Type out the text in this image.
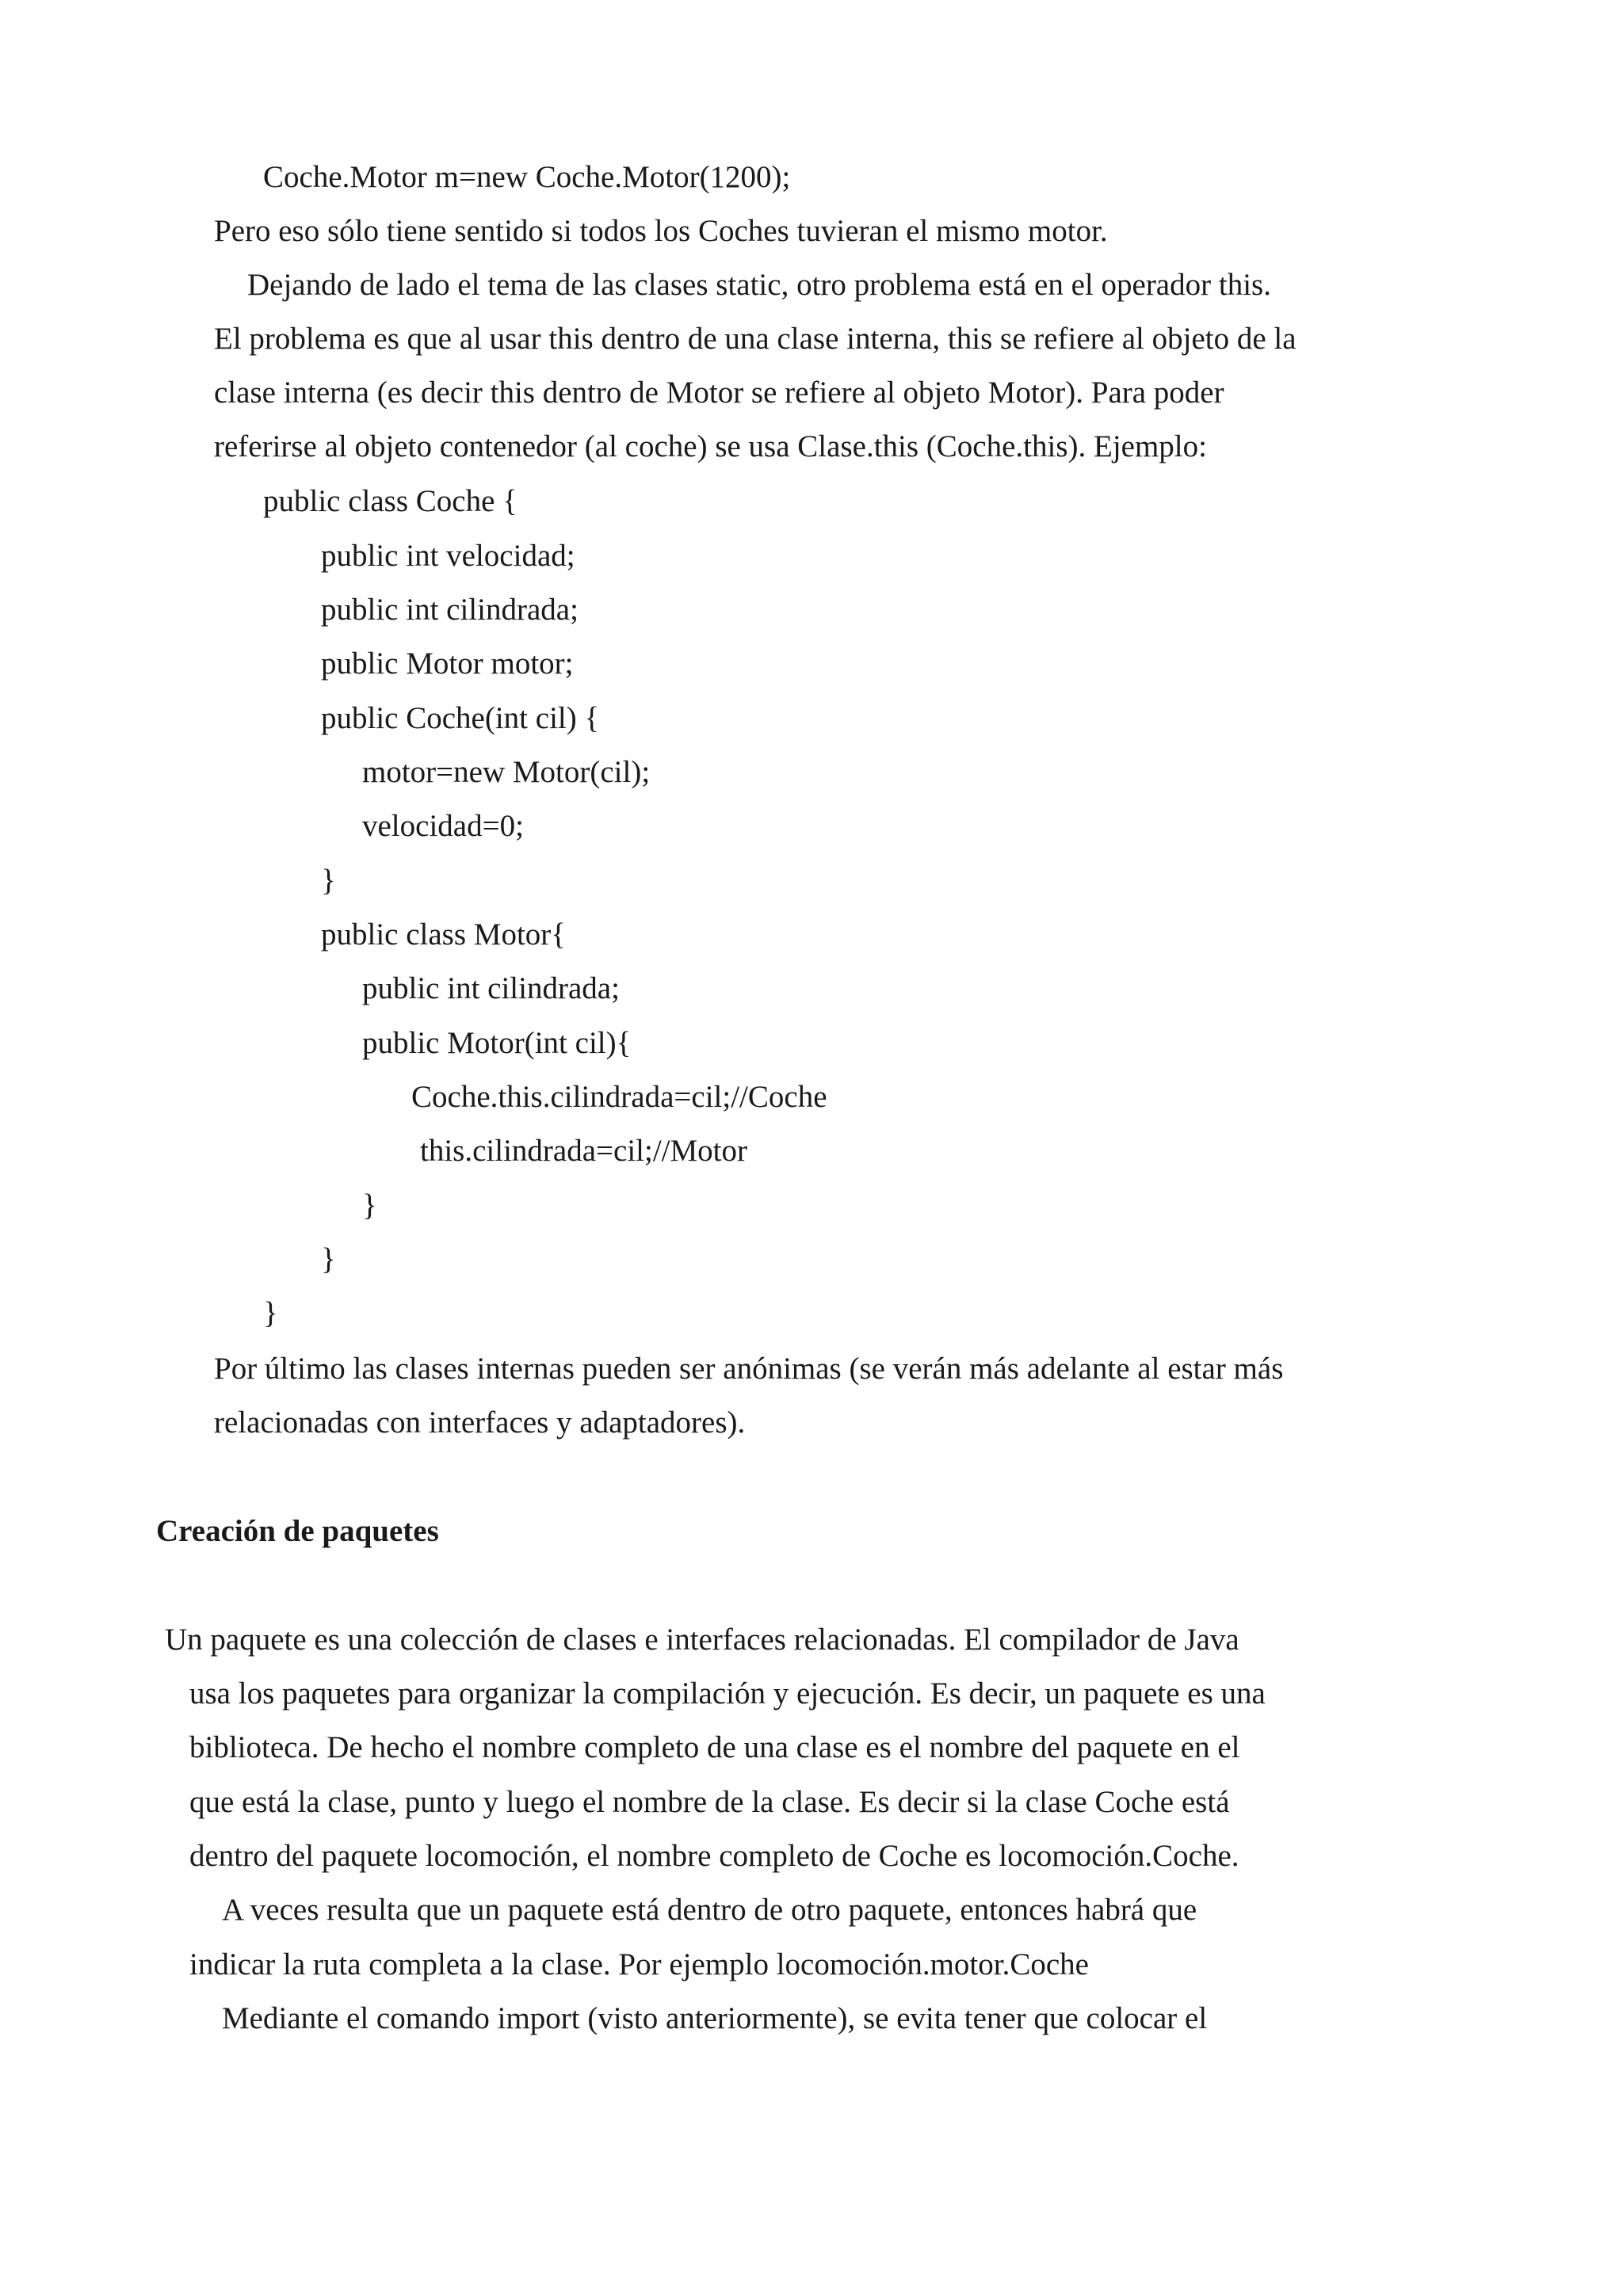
Coche.Motor m=new Coche.Motor(1200);
Pero eso sólo tiene sentido si todos los Coches tuvieran el mismo motor.
Dejando de lado el tema de las clases static, otro problema está en el operador this.
El problema es que al usar this dentro de una clase interna, this se refiere al objeto de la
clase interna (es decir this dentro de Motor se refiere al objeto Motor). Para poder
referirse al objeto contenedor (al coche) se usa Clase.this (Coche.this). Ejemplo:
public class Coche {
public int velocidad;
public int cilindrada;
public Motor motor;
public Coche(int cil) {
motor=new Motor(cil);
velocidad=0;
}
public class Motor{
public int cilindrada;
public Motor(int cil){
Coche.this.cilindrada=cil;//Coche
this.cilindrada=cil;//Motor
}
}
}
Por último las clases internas pueden ser anónimas (se verán más adelante al estar más
relacionadas con interfaces y adaptadores).
Creación de paquetes
Un paquete es una colección de clases e interfaces relacionadas. El compilador de Java
usa los paquetes para organizar la compilación y ejecución. Es decir, un paquete es una
biblioteca. De hecho el nombre completo de una clase es el nombre del paquete en el
que está la clase, punto y luego el nombre de la clase. Es decir si la clase Coche está
dentro del paquete locomoción, el nombre completo de Coche es locomoción.Coche.
A veces resulta que un paquete está dentro de otro paquete, entonces habrá que
indicar la ruta completa a la clase. Por ejemplo locomoción.motor.Coche
Mediante el comando import (visto anteriormente), se evita tener que colocar el
